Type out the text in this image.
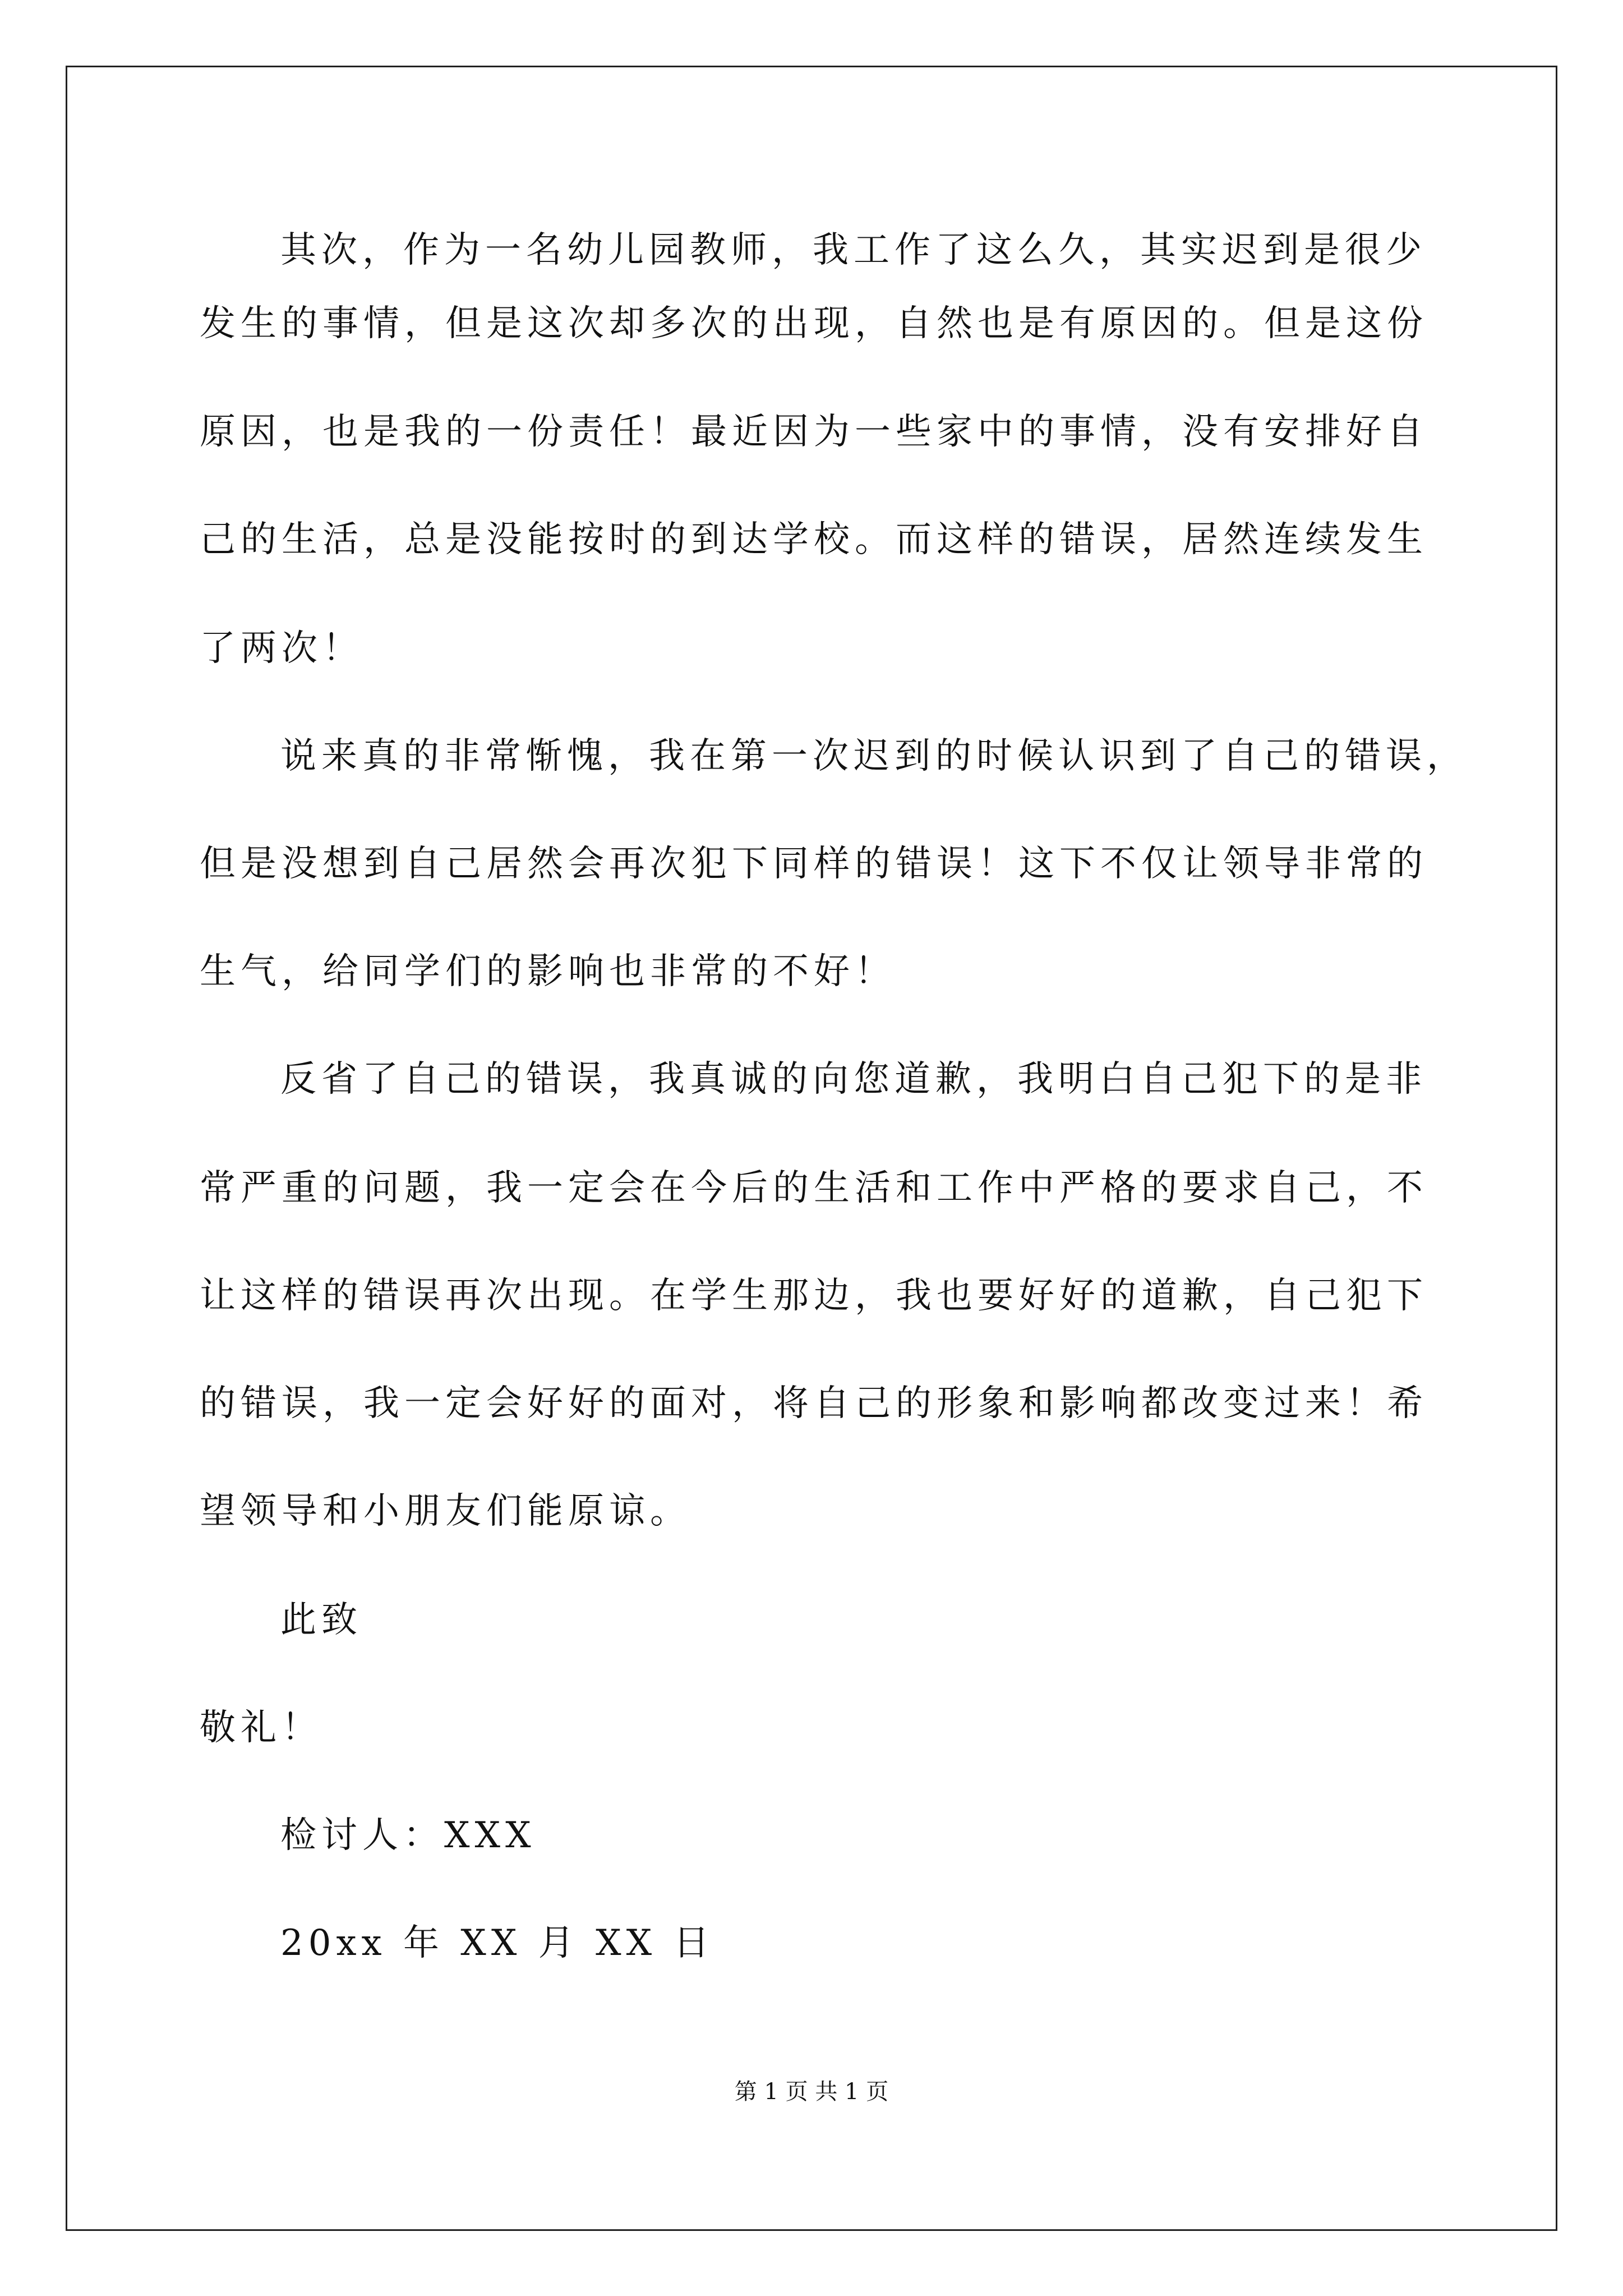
其次，作为一名幼儿园教师，我工作了这么久，其实迟到是很少
发生的事情，但是这次却多次的出现，自然也是有原因的。但是这份
原因，也是我的一份责任！最近因为一些家中的事情，没有安排好自
己的生活，总是没能按时的到达学校。而这样的错误，居然连续发生
了两次！
说来真的非常惭愧，我在第一次迟到的时候认识到了自己的错误，
但是没想到自己居然会再次犯下同样的错误！这下不仅让领导非常的
生气，给同学们的影响也非常的不好！
反省了自己的错误，我真诚的向您道歉，我明白自己犯下的是非
常严重的问题，我一定会在今后的生活和工作中严格的要求自己，不
让这样的错误再次出现。在学生那边，我也要好好的道歉，自己犯下
的错误，我一定会好好的面对，将自己的形象和影响都改变过来！希
望领导和小朋友们能原谅。
此致
敬礼！
检讨人：XXX
20xx 年 XX 月 XX 日
第 1 页 共 1 页
